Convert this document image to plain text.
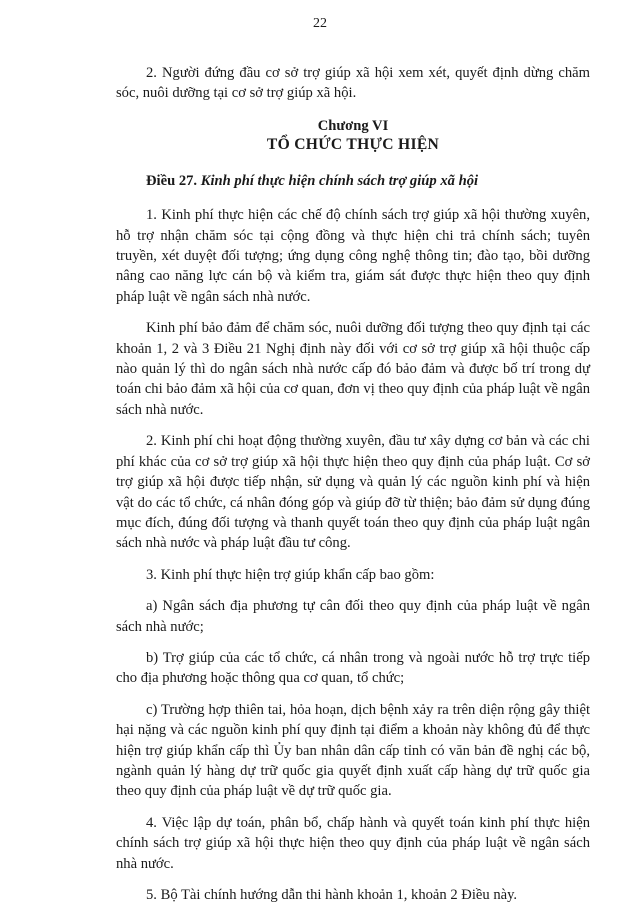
22

2. Người đứng đầu cơ sở trợ giúp xã hội xem xét, quyết định dừng chăm sóc, nuôi dưỡng tại cơ sở trợ giúp xã hội.

Chương VI
TỔ CHỨC THỰC HIỆN

Điều 27. Kinh phí thực hiện chính sách trợ giúp xã hội

1. Kinh phí thực hiện các chế độ chính sách trợ giúp xã hội thường xuyên, hỗ trợ nhận chăm sóc tại cộng đồng và thực hiện chi trả chính sách; tuyên truyền, xét duyệt đối tượng; ứng dụng công nghệ thông tin; đào tạo, bồi dưỡng nâng cao năng lực cán bộ và kiểm tra, giám sát được thực hiện theo quy định pháp luật về ngân sách nhà nước.

Kinh phí bảo đảm để chăm sóc, nuôi dưỡng đối tượng theo quy định tại các khoản 1, 2 và 3 Điều 21 Nghị định này đối với cơ sở trợ giúp xã hội thuộc cấp nào quản lý thì do ngân sách nhà nước cấp đó bảo đảm và được bố trí trong dự toán chi bảo đảm xã hội của cơ quan, đơn vị theo quy định của pháp luật về ngân sách nhà nước.

2. Kinh phí chi hoạt động thường xuyên, đầu tư xây dựng cơ bản và các chi phí khác của cơ sở trợ giúp xã hội thực hiện theo quy định của pháp luật. Cơ sở trợ giúp xã hội được tiếp nhận, sử dụng và quản lý các nguồn kinh phí và hiện vật do các tổ chức, cá nhân đóng góp và giúp đỡ từ thiện; bảo đảm sử dụng đúng mục đích, đúng đối tượng và thanh quyết toán theo quy định của pháp luật ngân sách nhà nước và pháp luật đầu tư công.

3. Kinh phí thực hiện trợ giúp khẩn cấp bao gồm:

a) Ngân sách địa phương tự cân đối theo quy định của pháp luật về ngân sách nhà nước;

b) Trợ giúp của các tổ chức, cá nhân trong và ngoài nước hỗ trợ trực tiếp cho địa phương hoặc thông qua cơ quan, tổ chức;

c) Trường hợp thiên tai, hỏa hoạn, dịch bệnh xảy ra trên diện rộng gây thiệt hại nặng và các nguồn kinh phí quy định tại điểm a khoản này không đủ để thực hiện trợ giúp khẩn cấp thì Ủy ban nhân dân cấp tỉnh có văn bản đề nghị các bộ, ngành quản lý hàng dự trữ quốc gia quyết định xuất cấp hàng dự trữ quốc gia theo quy định của pháp luật về dự trữ quốc gia.

4. Việc lập dự toán, phân bổ, chấp hành và quyết toán kinh phí thực hiện chính sách trợ giúp xã hội thực hiện theo quy định của pháp luật về ngân sách nhà nước.

5. Bộ Tài chính hướng dẫn thi hành khoản 1, khoản 2 Điều này.
